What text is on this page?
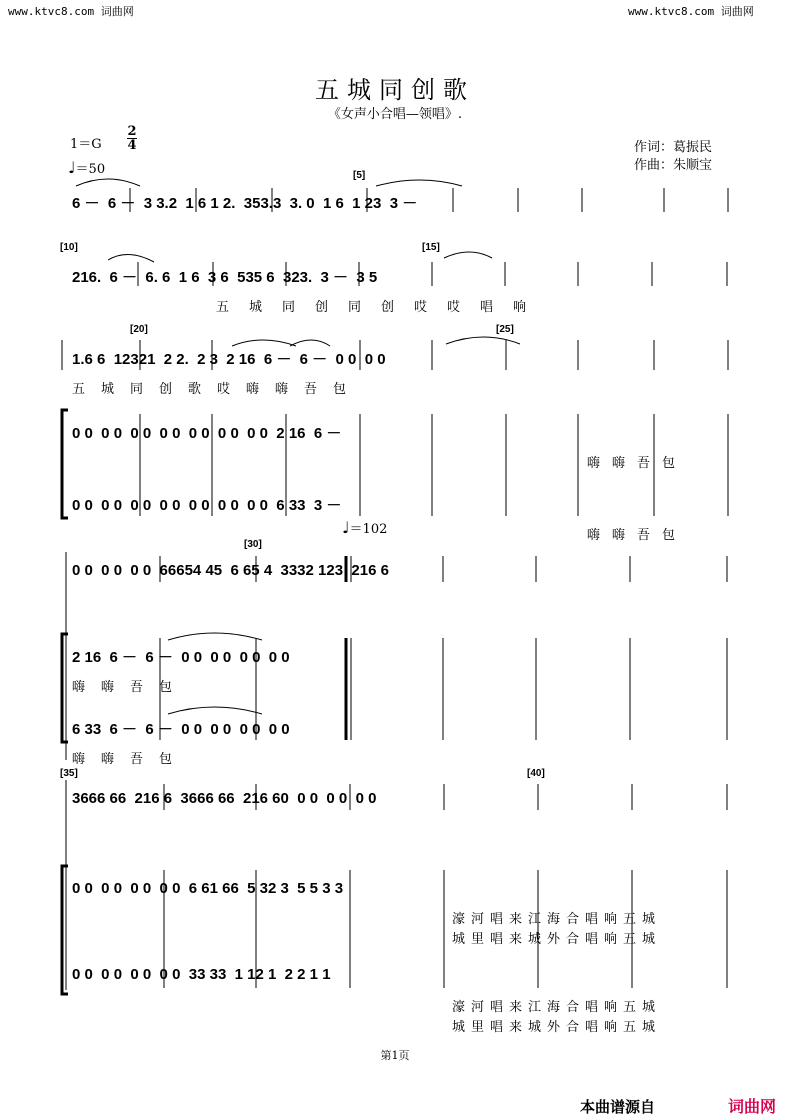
www.ktvc8.com 词曲网	www.ktvc8.com 词曲网
五城同创歌
《女声小合唱—领唱》.
1＝G
2
4
♩＝50
作词：葛振民
作曲：朱顺宝
[5]
[10]	[15]
[20]	[25]
[30]
[35]	[40]
6 －  6 －  3 3.2  1 6 1 2.  353.3  3. 0  1 6  1 23  3 －
216.  6 －  6. 6  1 6  3 6  535 6  323.  3 －  3 5
五城同创同创哎哎唱响
1.6 6  12321  2 2.  2 3  2 16  6 －  6 －  0 0  0 0
五城同创歌哎嗨嗨吾包
0 0  0 0  0 0  0 0  0 0  0 0  0 0  2 16  6 －
嗨嗨吾包
0 0  0 0  0 0  0 0  0 0  0 0  0 0  6 33  3 －
嗨嗨吾包
♩＝102
0 0  0 0  0 0  66654 45  6 65 4  3332 123  216 6
2 16  6 －  6 －  0 0  0 0  0 0  0 0
嗨嗨吾包
6 33  6 －  6 －  0 0  0 0  0 0  0 0
嗨嗨吾包
3666 66  216 6  3666 66  216 60  0 0  0 0  0 0
0 0  0 0  0 0  0 0  6 61 66  5 32 3  5 5 3 3
濠河唱来江海合唱响五城
城里唱来城外合唱响五城
0 0  0 0  0 0  0 0  33 33  1 12 1  2 2 1 1
濠河唱来江海合唱响五城
城里唱来城外合唱响五城
第1页
本曲谱源自	词曲网
